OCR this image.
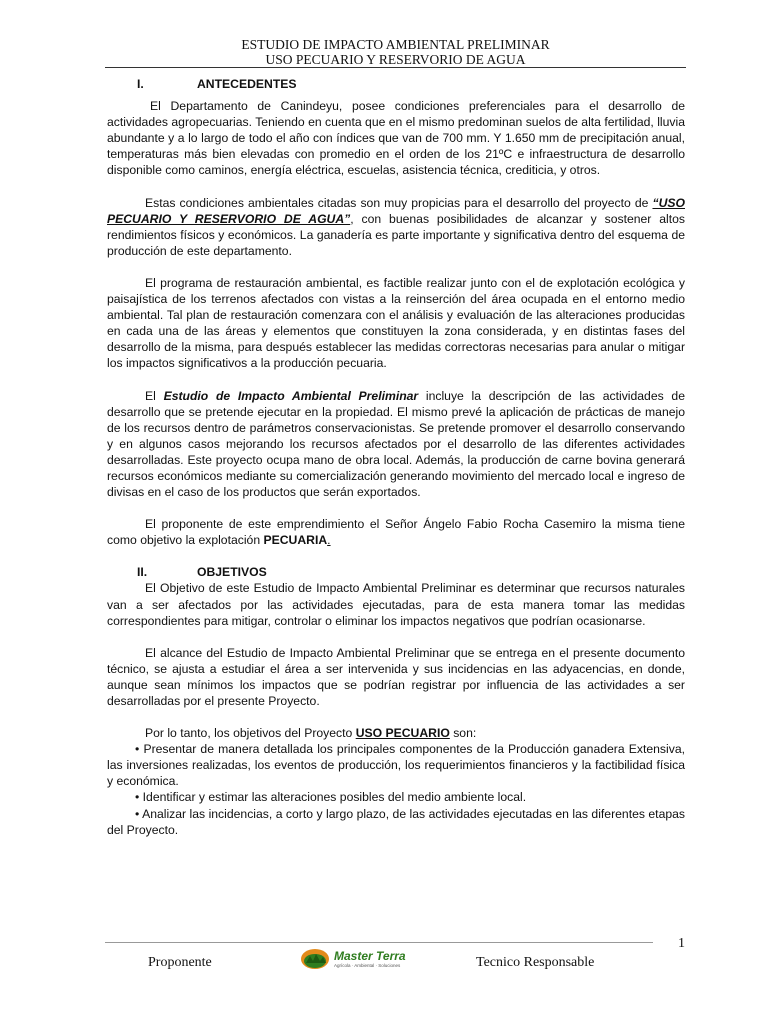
ESTUDIO DE IMPACTO AMBIENTAL PRELIMINAR
USO PECUARIO Y RESERVORIO DE AGUA
I.	ANTECEDENTES

El Departamento de Canindeyu, posee condiciones preferenciales para el desarrollo de actividades agropecuarias. Teniendo en cuenta que en el mismo predominan suelos de alta fertilidad, lluvia abundante y a lo largo de todo el año con índices que van de 700 mm. Y 1.650 mm de precipitación anual, temperaturas más bien elevadas con promedio en el orden de los 21ºC e infraestructura de desarrollo disponible como caminos, energía eléctrica, escuelas, asistencia técnica, crediticia, y otros.

Estas condiciones ambientales citadas son muy propicias para el desarrollo del proyecto de “USO PECUARIO Y RESERVORIO DE AGUA”, con buenas posibilidades de alcanzar y sostener altos rendimientos físicos y económicos. La ganadería es parte importante y significativa dentro del esquema de producción de este departamento.

El programa de restauración ambiental, es factible realizar junto con el de explotación ecológica y paisajística de los terrenos afectados con vistas a la reinserción del área ocupada en el entorno medio ambiental. Tal plan de restauración comenzara con el análisis y evaluación de las alteraciones producidas en cada una de las áreas y elementos que constituyen la zona considerada, y en distintas fases del desarrollo de la misma, para después establecer las medidas correctoras necesarias para anular o mitigar los impactos significativos a la producción pecuaria.

El Estudio de Impacto Ambiental Preliminar incluye la descripción de las actividades de desarrollo que se pretende ejecutar en la propiedad. El mismo prevé la aplicación de prácticas de manejo de los recursos dentro de parámetros conservacionistas. Se pretende promover el desarrollo conservando y en algunos casos mejorando los recursos afectados por el desarrollo de las diferentes actividades desarrolladas. Este proyecto ocupa mano de obra local. Además, la producción de carne bovina generará recursos económicos mediante su comercialización generando movimiento del mercado local e ingreso de divisas en el caso de los productos que serán exportados.

El proponente de este emprendimiento el Señor Ángelo Fabio Rocha Casemiro la misma tiene como objetivo la explotación PECUARIA.

II.	OBJETIVOS

El Objetivo de este Estudio de Impacto Ambiental Preliminar es determinar que recursos naturales van a ser afectados por las actividades ejecutadas, para de esta manera tomar las medidas correspondientes para mitigar, controlar o eliminar los impactos negativos que podrían ocasionarse.

El alcance del Estudio de Impacto Ambiental Preliminar que se entrega en el presente documento técnico, se ajusta a estudiar el área a ser intervenida y sus incidencias en las adyacencias, en donde, aunque sean mínimos los impactos que se podrían registrar por influencia de las actividades a ser desarrolladas por el presente Proyecto.

Por lo tanto, los objetivos del Proyecto USO PECUARIO son:

• Presentar de manera detallada los principales componentes de la Producción ganadera Extensiva, las inversiones realizadas, los eventos de producción, los requerimientos financieros y la factibilidad física y económica.

• Identificar y estimar las alteraciones posibles del medio ambiente local.

• Analizar las incidencias, a corto y largo plazo, de las actividades ejecutadas en las diferentes etapas del Proyecto.

1
Proponente	Master Terra
Agrícola · Ambiental · Soluciones	Tecnico Responsable
